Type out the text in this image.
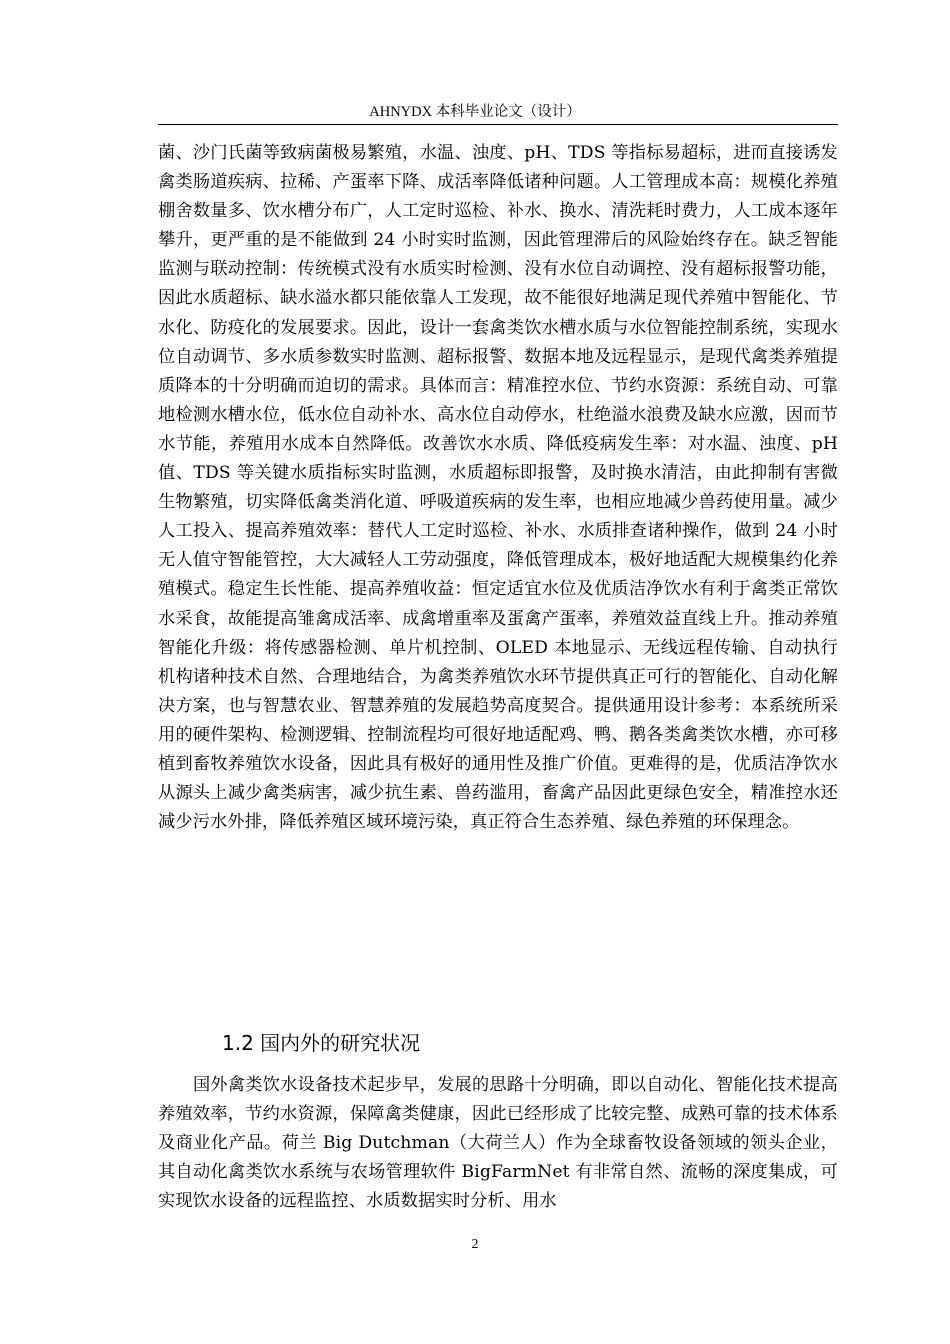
AHNYDX 本科毕业论文（设计）

菌、沙门氏菌等致病菌极易繁殖，水温、浊度、pH、TDS 等指标易超标，进而直接诱发禽类肠道疾病、拉稀、产蛋率下降、成活率降低诸种问题。人工管理成本高：规模化养殖棚舍数量多、饮水槽分布广，人工定时巡检、补水、换水、清洗耗时费力，人工成本逐年攀升，更严重的是不能做到 24 小时实时监测，因此管理滞后的风险始终存在。缺乏智能监测与联动控制：传统模式没有水质实时检测、没有水位自动调控、没有超标报警功能，因此水质超标、缺水溢水都只能依靠人工发现，故不能很好地满足现代养殖中智能化、节水化、防疫化的发展要求。因此，设计一套禽类饮水槽水质与水位智能控制系统，实现水位自动调节、多水质参数实时监测、超标报警、数据本地及远程显示，是现代禽类养殖提质降本的十分明确而迫切的需求。具体而言：精准控水位、节约水资源：系统自动、可靠地检测水槽水位，低水位自动补水、高水位自动停水，杜绝溢水浪费及缺水应激，因而节水节能，养殖用水成本自然降低。改善饮水水质、降低疫病发生率：对水温、浊度、pH 值、TDS 等关键水质指标实时监测，水质超标即报警，及时换水清洁，由此抑制有害微生物繁殖，切实降低禽类消化道、呼吸道疾病的发生率，也相应地减少兽药使用量。减少人工投入、提高养殖效率：替代人工定时巡检、补水、水质排查诸种操作，做到 24 小时无人值守智能管控，大大减轻人工劳动强度，降低管理成本，极好地适配大规模集约化养殖模式。稳定生长性能、提高养殖收益：恒定适宜水位及优质洁净饮水有利于禽类正常饮水采食，故能提高雏禽成活率、成禽增重率及蛋禽产蛋率，养殖效益直线上升。推动养殖智能化升级：将传感器检测、单片机控制、OLED 本地显示、无线远程传输、自动执行机构诸种技术自然、合理地结合，为禽类养殖饮水环节提供真正可行的智能化、自动化解决方案，也与智慧农业、智慧养殖的发展趋势高度契合。提供通用设计参考：本系统所采用的硬件架构、检测逻辑、控制流程均可很好地适配鸡、鸭、鹅各类禽类饮水槽，亦可移植到畜牧养殖饮水设备，因此具有极好的通用性及推广价值。更难得的是，优质洁净饮水从源头上减少禽类病害，减少抗生素、兽药滥用，畜禽产品因此更绿色安全，精准控水还减少污水外排，降低养殖区域环境污染，真正符合生态养殖、绿色养殖的环保理念。

1.2 国内外的研究状况

国外禽类饮水设备技术起步早，发展的思路十分明确，即以自动化、智能化技术提高养殖效率，节约水资源，保障禽类健康，因此已经形成了比较完整、成熟可靠的技术体系及商业化产品。荷兰 Big Dutchman（大荷兰人）作为全球畜牧设备领域的领头企业，其自动化禽类饮水系统与农场管理软件 BigFarmNet 有非常自然、流畅的深度集成，可实现饮水设备的远程监控、水质数据实时分析、用水

2
